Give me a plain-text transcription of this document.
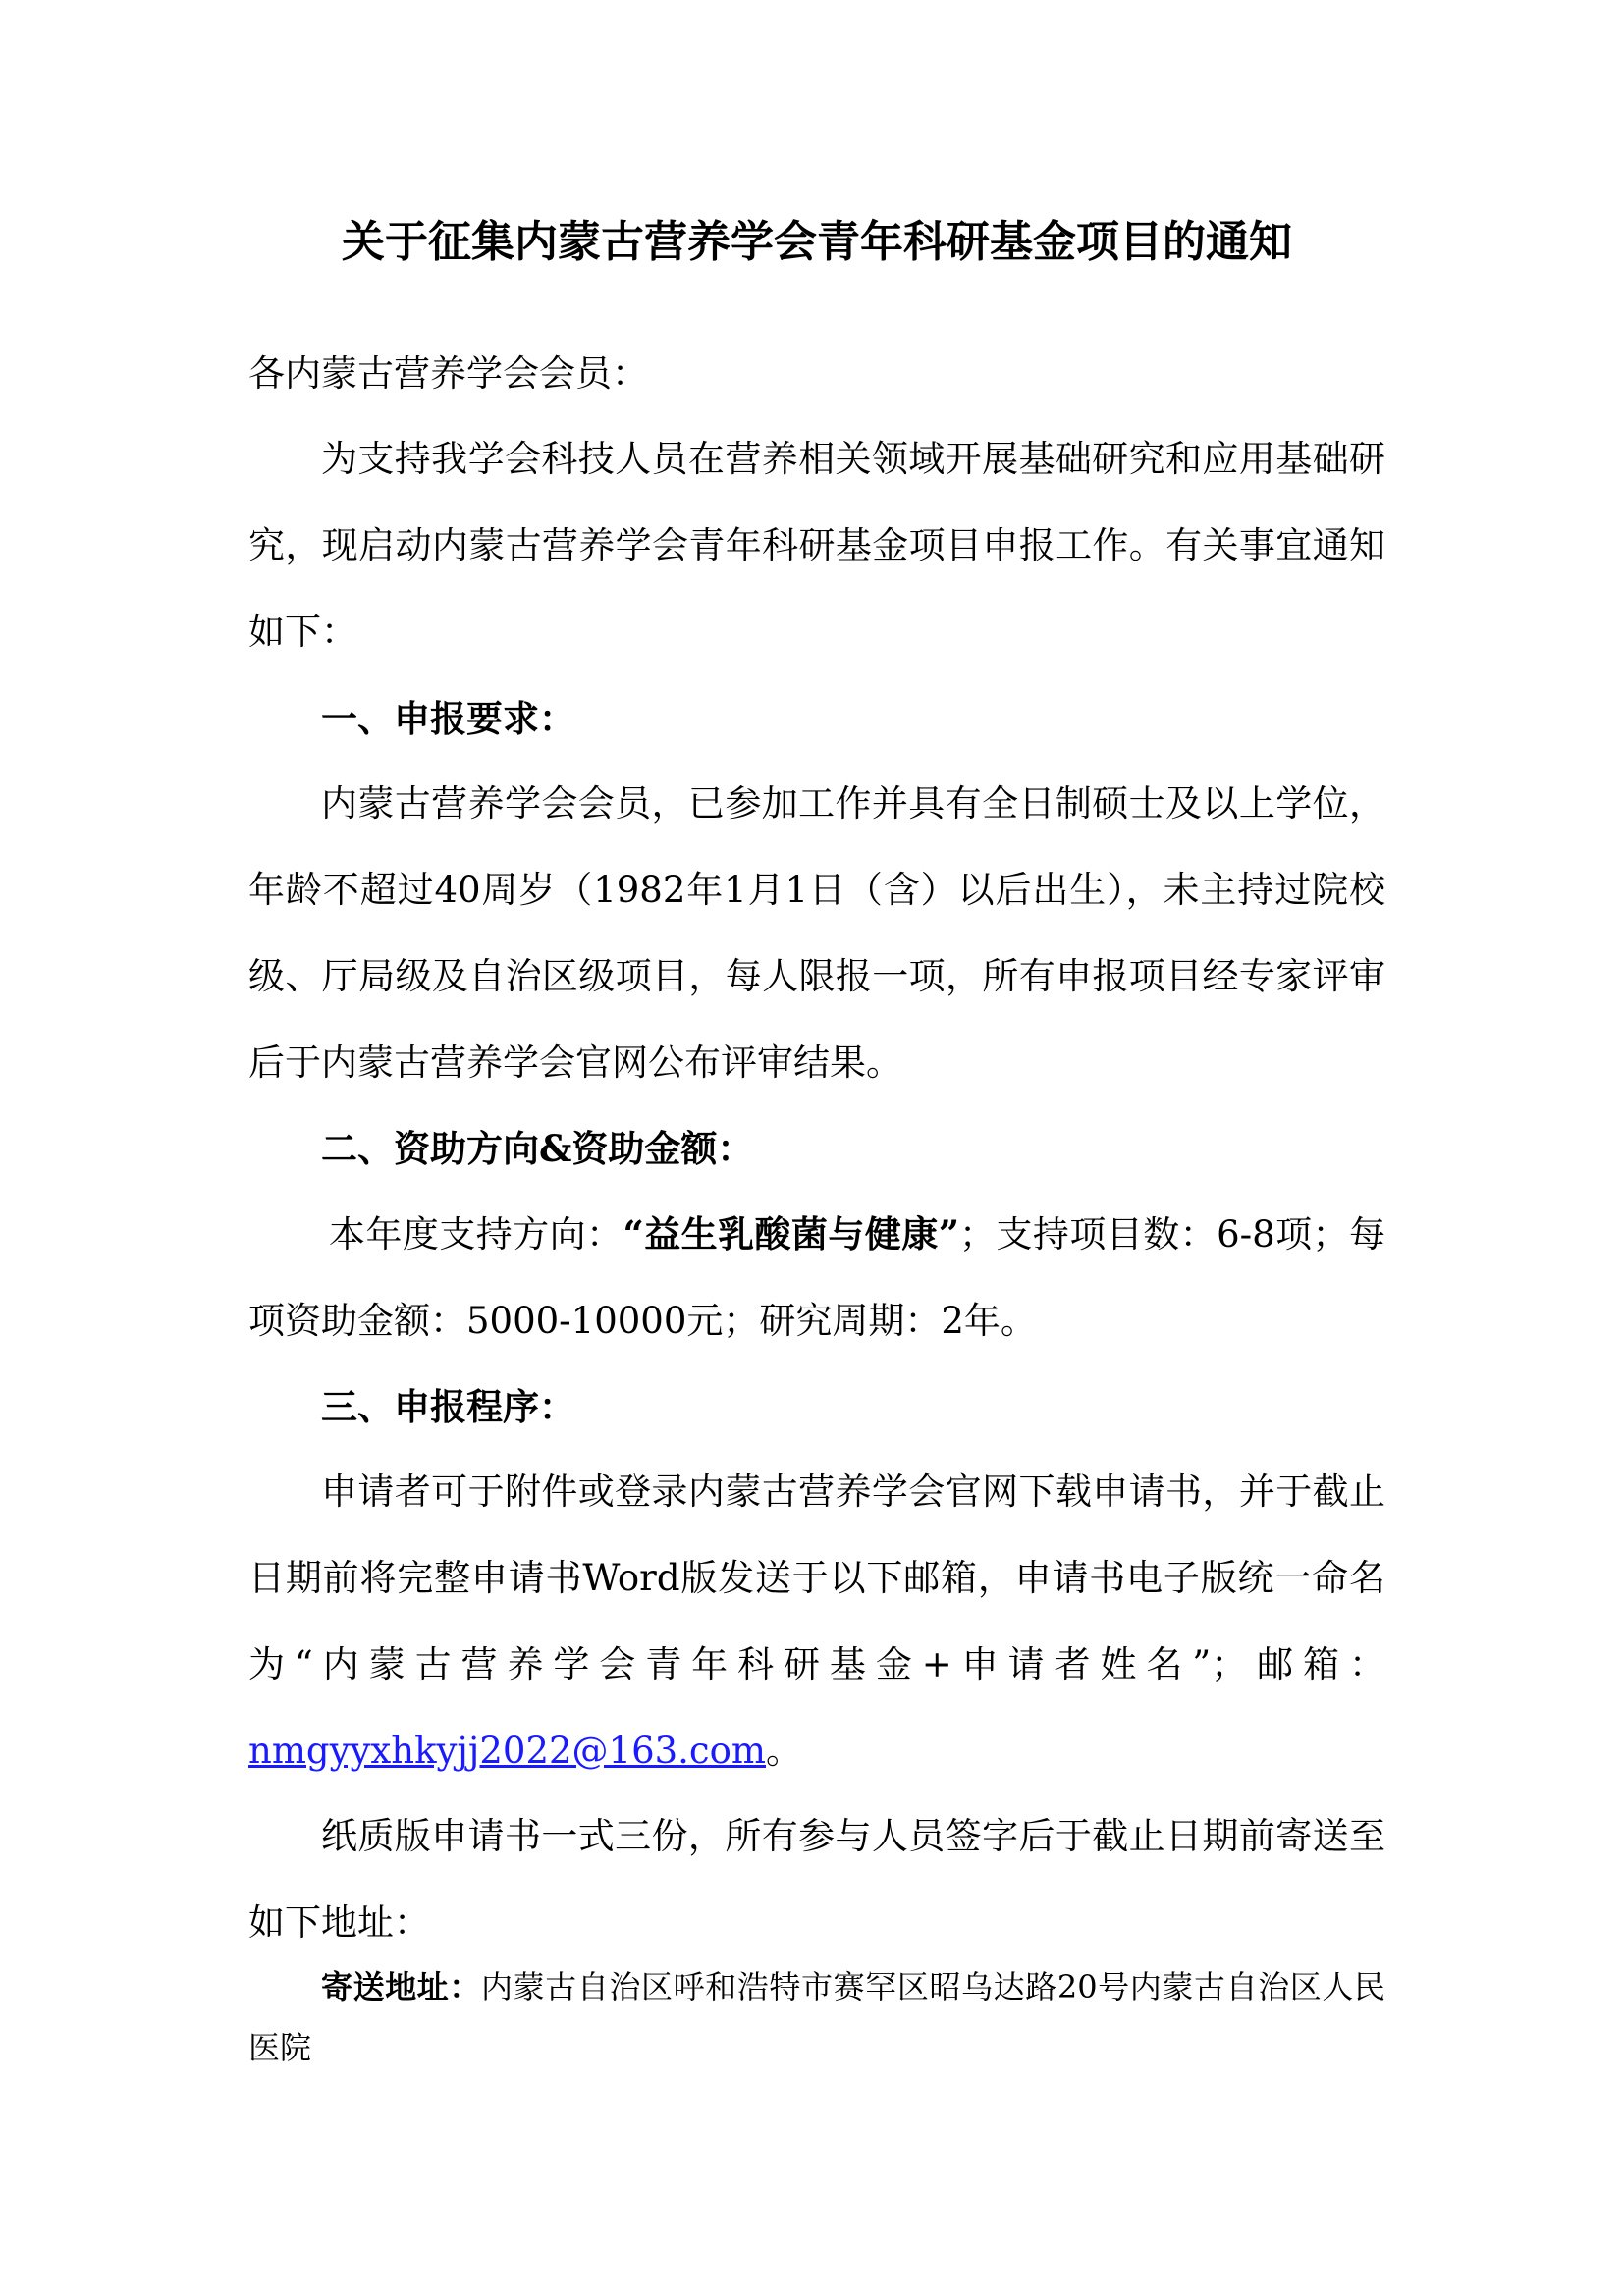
关于征集内蒙古营养学会青年科研基金项目的通知

各内蒙古营养学会会员：

为支持我学会科技人员在营养相关领域开展基础研究和应用基础研究，现启动内蒙古营养学会青年科研基金项目申报工作。有关事宜通知如下：

一、申报要求：

内蒙古营养学会会员，已参加工作并具有全日制硕士及以上学位，年龄不超过40周岁（1982年1月1日（含）以后出生），未主持过院校级、厅局级及自治区级项目，每人限报一项，所有申报项目经专家评审后于内蒙古营养学会官网公布评审结果。

二、资助方向&资助金额：

本年度支持方向：“益生乳酸菌与健康”；支持项目数：6-8项；每项资助金额：5000-10000元；研究周期：2年。

三、申报程序：

申请者可于附件或登录内蒙古营养学会官网下载申请书，并于截止日期前将完整申请书Word版发送于以下邮箱，申请书电子版统一命名为“内蒙古营养学会青年科研基金+申请者姓名”；邮箱：nmgyyxhkyjj2022@163.com。

纸质版申请书一式三份，所有参与人员签字后于截止日期前寄送至如下地址：

寄送地址：内蒙古自治区呼和浩特市赛罕区昭乌达路20号内蒙古自治区人民医院
